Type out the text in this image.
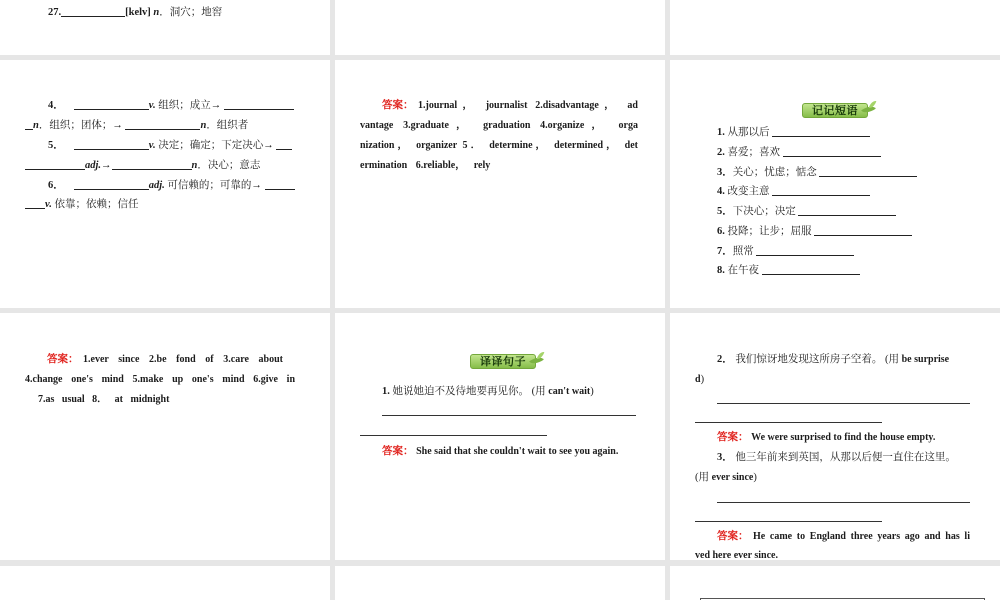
27.	[kelv] n．洞穴；地窖
4．	v. 组织；成立→
n．组织；团体；→	n．组织者
5．	v. 决定；确定；下定决心→
adj.→	n．决心；意志
6．	adj. 可信赖的；可靠的→
v. 依靠；依赖；信任
答案： 1.journal， journalist 2.disadvantage， ad
vantage 3.graduate， graduation 4.organize， orga
nization， organizer 5． determine， determined， det
ermination 6.reliable， rely
记记短语
1. 从那以后
2. 喜爱；喜欢
3．关心；忧虑；惦念
4. 改变主意
5．下决心；决定
6. 投降；让步；屈服
7．照常
8. 在午夜
答案： 1.ever since 2.be fond of 3.care about
4.change one's mind 5.make up one's mind 6.give in
7.as usual 8． at midnight
译译句子
1. 她说她迫不及待地要再见你。 (用 can't wait)
答案： She said that she couldn't wait to see you again.
2． 我们惊讶地发现这所房子空着。 (用 be surprise
d)
答案： We were surprised to find the house empty.
3． 他三年前来到英国，从那以后便一直住在这里。
(用 ever since)
答案： He came to England three years ago and has li
ved here ever since.
